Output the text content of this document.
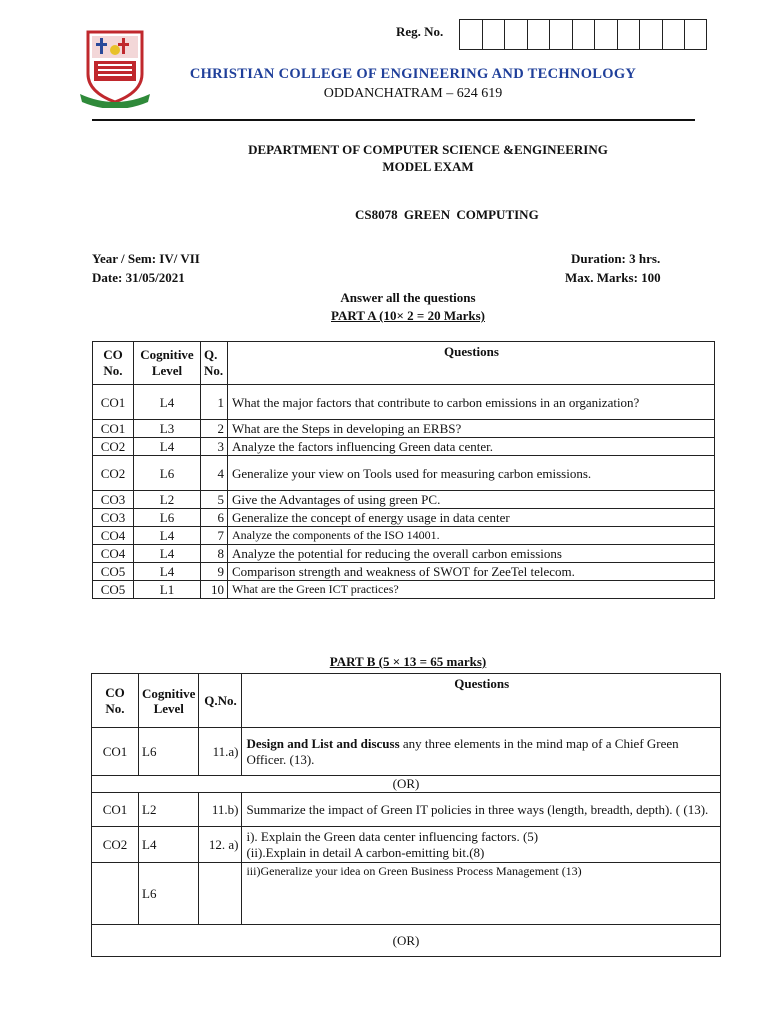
Reg. No.
CHRISTIAN COLLEGE OF ENGINEERING AND TECHNOLOGY
ODDANCHATRAM – 624 619
DEPARTMENT OF COMPUTER SCIENCE &ENGINEERING
MODEL EXAM
CS8078 GREEN COMPUTING
Year / Sem: IV/ VII
Date: 31/05/2021
Duration: 3 hrs.
Max. Marks: 100
Answer all the questions
PART A (10× 2 = 20 Marks)
CO No.	Cognitive Level	Q. No.	Questions
CO1	L4	1	What the major factors that contribute to carbon emissions in an organization?
CO1	L3	2	What are the Steps in developing an ERBS?
CO2	L4	3	Analyze the factors influencing Green data center.
CO2	L6	4	Generalize your view on Tools used for measuring carbon emissions.
CO3	L2	5	Give the Advantages of using green PC.
CO3	L6	6	Generalize the concept of energy usage in data center
CO4	L4	7	Analyze the components of the ISO 14001.
CO4	L4	8	Analyze the potential for reducing the overall carbon emissions
CO5	L4	9	Comparison strength and weakness of SWOT for ZeeTel telecom.
CO5	L1	10	What are the Green ICT practices?
PART B (5 × 13 = 65 marks)
CO No.	Cognitive Level	Q.No.	Questions
CO1	L6	11.a)	Design and List and discuss any three elements in the mind map of a Chief Green Officer. (13).
(OR)			
CO1	L2	11.b)	Summarize the impact of Green IT policies in three ways (length, breadth, depth). ( (13).
CO2	L4	12. a)	i). Explain the Green data center influencing factors. (5)
(ii).Explain in detail A carbon-emitting bit.(8)

	L6		iii)Generalize your idea on Green Business Process Management (13)
(OR)			
